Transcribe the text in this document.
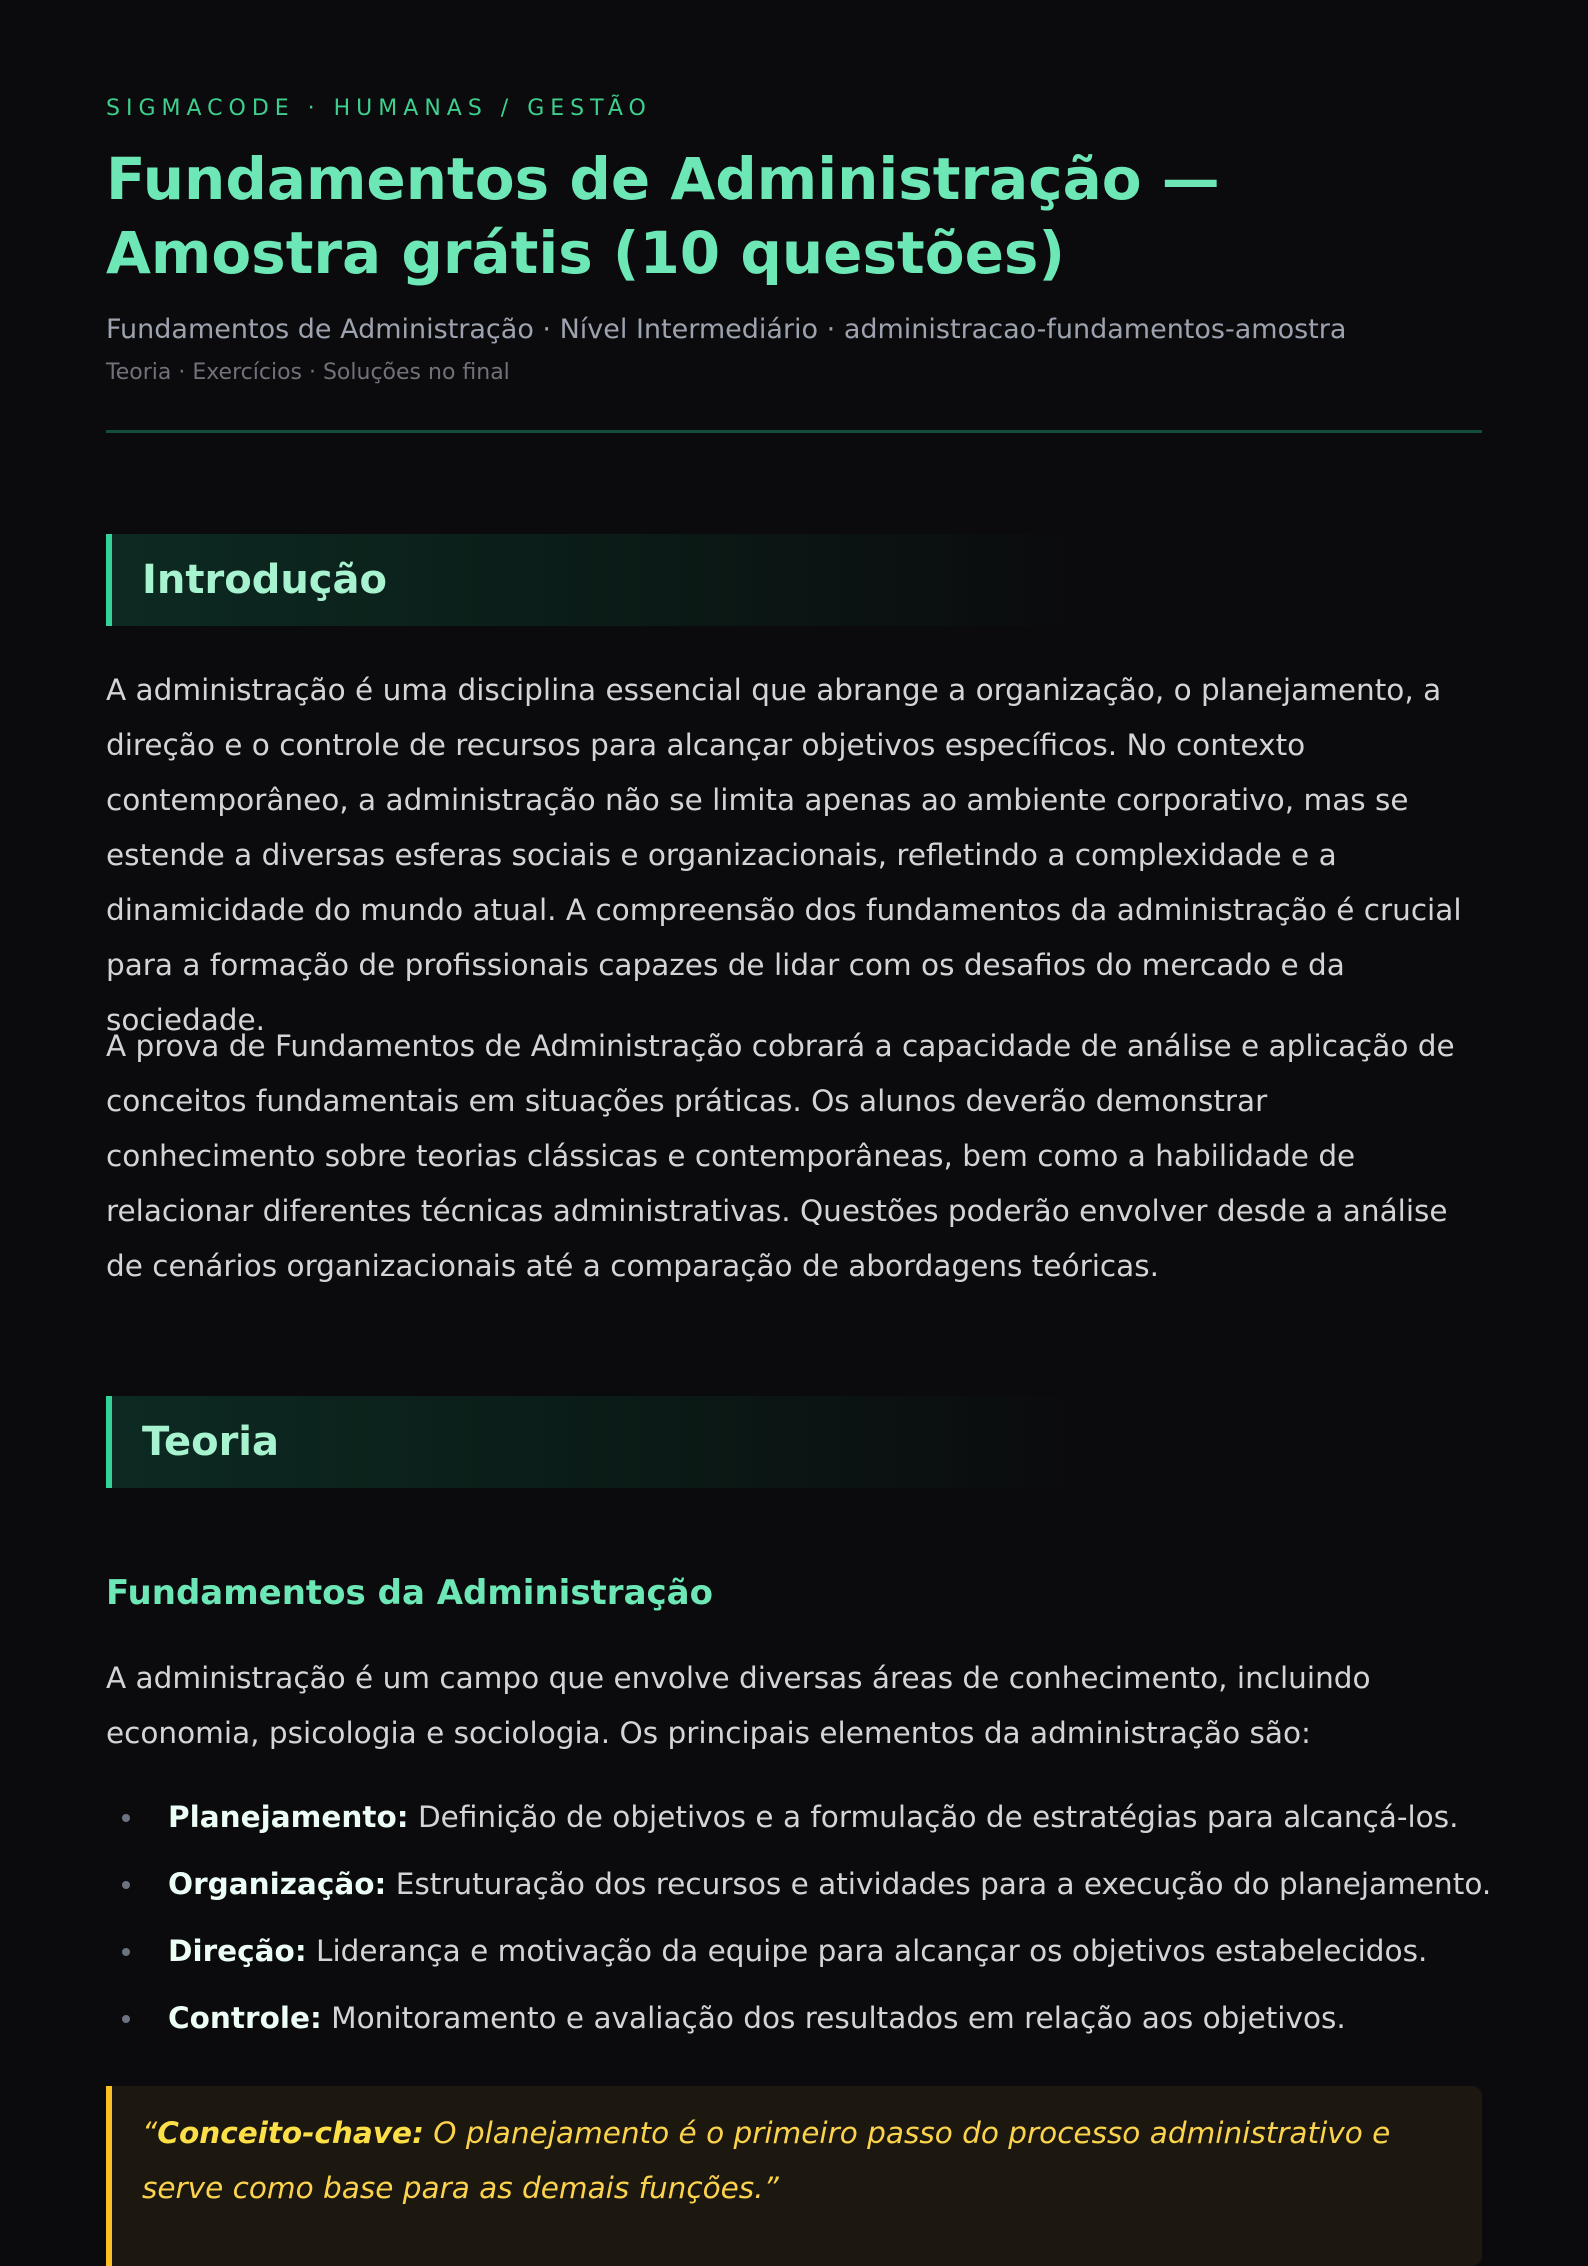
SIGMACODE · HUMANAS / GESTÃO
Fundamentos de Administração — Amostra grátis (10 questões)
Fundamentos de Administração · Nível Intermediário · administracao-fundamentos-amostra
Teoria · Exercícios · Soluções no final
Introdução

A administração é uma disciplina essencial que abrange a organização, o planejamento, a direção e o controle de recursos para alcançar objetivos específicos. No contexto contemporâneo, a administração não se limita apenas ao ambiente corporativo, mas se estende a diversas esferas sociais e organizacionais, refletindo a complexidade e a dinamicidade do mundo atual. A compreensão dos fundamentos da administração é crucial para a formação de profissionais capazes de lidar com os desafios do mercado e da sociedade.

A prova de Fundamentos de Administração cobrará a capacidade de análise e aplicação de conceitos fundamentais em situações práticas. Os alunos deverão demonstrar conhecimento sobre teorias clássicas e contemporâneas, bem como a habilidade de relacionar diferentes técnicas administrativas. Questões poderão envolver desde a análise de cenários organizacionais até a comparação de abordagens teóricas.

Teoria
Fundamentos da Administração

A administração é um campo que envolve diversas áreas de conhecimento, incluindo economia, psicologia e sociologia. Os principais elementos da administração são:

Planejamento: Definição de objetivos e a formulação de estratégias para alcançá-los.
Organização: Estruturação dos recursos e atividades para a execução do planejamento.
Direção: Liderança e motivação da equipe para alcançar os objetivos estabelecidos.
Controle: Monitoramento e avaliação dos resultados em relação aos objetivos.
“Conceito-chave: O planejamento é o primeiro passo do processo administrativo e serve como base para as demais funções.”
